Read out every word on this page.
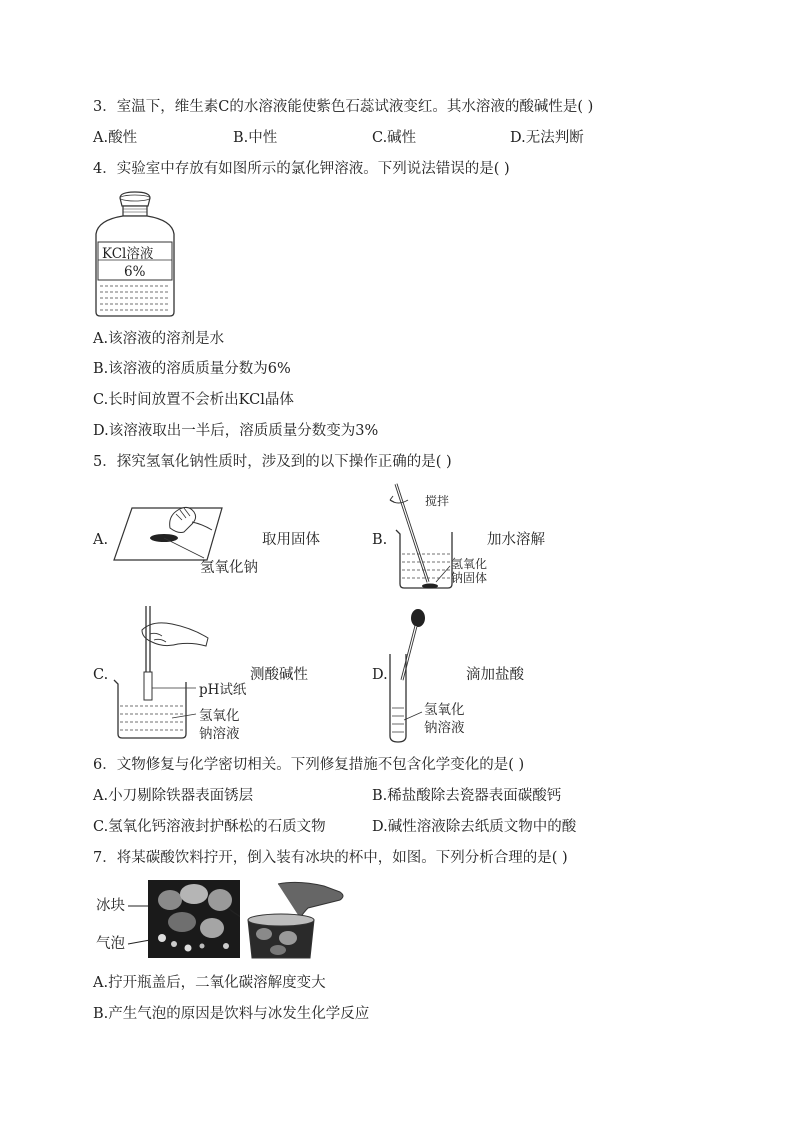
3．室温下，维生素C的水溶液能使紫色石蕊试液变红。其水溶液的酸碱性是( )
A.酸性	B.中性	C.碱性	D.无法判断
4．实验室中存放有如图所示的氯化钾溶液。下列说法错误的是( )
KCl溶液
6%
A.该溶液的溶剂是水
B.该溶液的溶质质量分数为6%
C.长时间放置不会析出KCl晶体
D.该溶液取出一半后，溶质质量分数变为3%
5．探究氢氧化钠性质时，涉及到的以下操作正确的是( )
A.
氢氧化钠
取用固体	B.
搅拌
氢氧化
钠固体
加水溶解
C.
pH试纸
氢氧化
钠溶液
测酸碱性	D.
氢氧化
钠溶液
滴加盐酸
6．文物修复与化学密切相关。下列修复措施不包含化学变化的是( )
A.小刀剔除铁器表面锈层	B.稀盐酸除去瓷器表面碳酸钙
C.氢氧化钙溶液封护酥松的石质文物	D.碱性溶液除去纸质文物中的酸
7．将某碳酸饮料拧开，倒入装有冰块的杯中，如图。下列分析合理的是( )
冰块
气泡
A.拧开瓶盖后，二氧化碳溶解度变大
B.产生气泡的原因是饮料与冰发生化学反应
